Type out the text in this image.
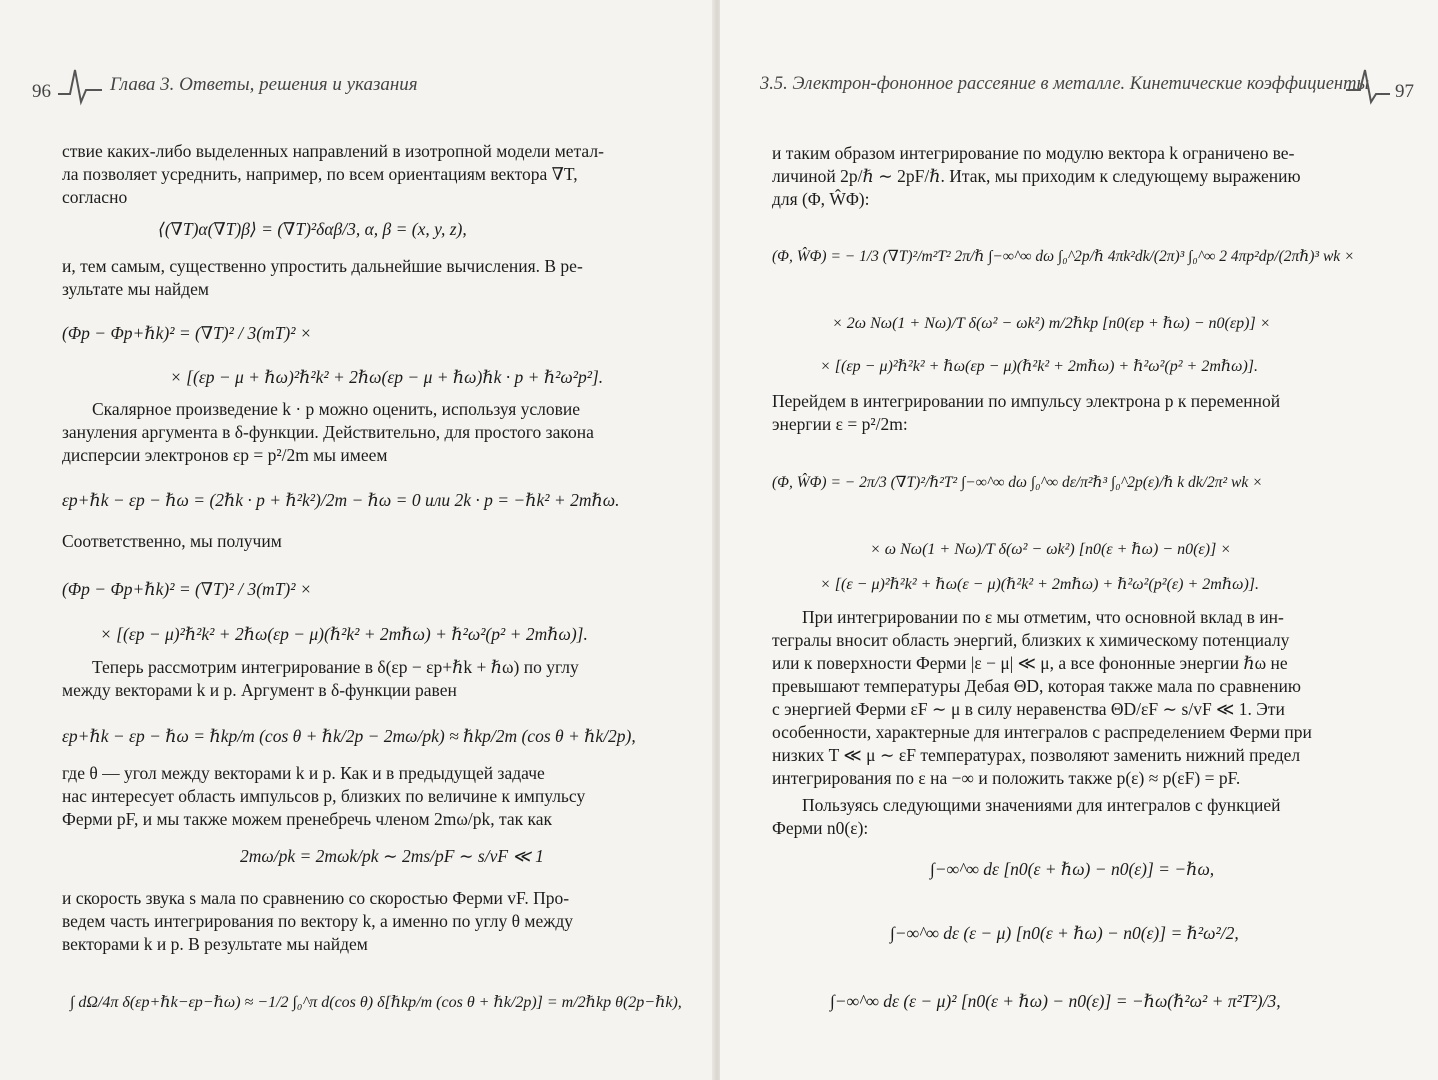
96	Глава 3. Ответы, решения и указания
ствие каких-либо выделенных направлений в изотропной модели метал-
ла позволяет усреднить, например, по всем ориентациям вектора ∇T,
согласно
⟨(∇T)α(∇T)β⟩ = (∇T)²δαβ/3, α, β = (x, y, z),
и, тем самым, существенно упростить дальнейшие вычисления. В ре-
зультате мы найдем
(Φp − Φp+ℏk)² = (∇T)² / 3(mT)² ×
× [(εp − μ + ℏω)²ℏ²k² + 2ℏω(εp − μ + ℏω)ℏk · p + ℏ²ω²p²].
Скалярное произведение k · p можно оценить, используя условие
зануления аргумента в δ-функции. Действительно, для простого закона
дисперсии электронов εp = p²/2m мы имеем
εp+ℏk − εp − ℏω = (2ℏk · p + ℏ²k²)/2m − ℏω = 0 или 2k · p = −ℏk² + 2mℏω.
Соответственно, мы получим
(Φp − Φp+ℏk)² = (∇T)² / 3(mT)² ×
× [(εp − μ)²ℏ²k² + 2ℏω(εp − μ)(ℏ²k² + 2mℏω) + ℏ²ω²(p² + 2mℏω)].
Теперь рассмотрим интегрирование в δ(εp − εp+ℏk + ℏω) по углу
между векторами k и p. Аргумент в δ-функции равен
εp+ℏk − εp − ℏω = ℏkp/m (cos θ + ℏk/2p − 2mω/pk) ≈ ℏkp/2m (cos θ + ℏk/2p),
где θ — угол между векторами k и p. Как и в предыдущей задаче
нас интересует область импульсов p, близких по величине к импульсу
Ферми pF, и мы также можем пренебречь членом 2mω/pk, так как
2mω/pk = 2mωk/pk ∼ 2ms/pF ∼ s/vF ≪ 1
и скорость звука s мала по сравнению со скоростью Ферми vF. Про-
ведем часть интегрирования по вектору k, а именно по углу θ между
векторами k и p. В результате мы найдем
∫ dΩ/4π δ(εp+ℏk−εp−ℏω) ≈ −1/2 ∫₀^π d(cos θ) δ[ℏkp/m (cos θ + ℏk/2p)] = m/2ℏkp θ(2p−ℏk),
3.5. Электрон-фононное рассеяние в металле. Кинетические коэффициенты 97
и таким образом интегрирование по модулю вектора k ограничено ве-
личиной 2p/ℏ ∼ 2pF/ℏ. Итак, мы приходим к следующему выражению
для (Φ, ŴΦ):
(Φ, ŴΦ) = − 1/3 (∇T)²/m²T² 2π/ℏ ∫−∞^∞ dω ∫₀^2p/ℏ 4πk²dk/(2π)³ ∫₀^∞ 2 4πp²dp/(2πℏ)³ wk ×
× 2ω Nω(1 + Nω)/T δ(ω² − ωk²) m/2ℏkp [n0(εp + ℏω) − n0(εp)] ×
× [(εp − μ)²ℏ²k² + ℏω(εp − μ)(ℏ²k² + 2mℏω) + ℏ²ω²(p² + 2mℏω)].
Перейдем в интегрировании по импульсу электрона p к переменной
энергии ε = p²/2m:
(Φ, ŴΦ) = − 2π/3 (∇T)²/ℏ²T² ∫−∞^∞ dω ∫₀^∞ dε/π²ℏ³ ∫₀^2p(ε)/ℏ k dk/2π² wk ×
× ω Nω(1 + Nω)/T δ(ω² − ωk²) [n0(ε + ℏω) − n0(ε)] ×
× [(ε − μ)²ℏ²k² + ℏω(ε − μ)(ℏ²k² + 2mℏω) + ℏ²ω²(p²(ε) + 2mℏω)].
При интегрировании по ε мы отметим, что основной вклад в ин-
тегралы вносит область энергий, близких к химическому потенциалу
или к поверхности Ферми |ε − μ| ≪ μ, а все фононные энергии ℏω не
превышают температуры Дебая ΘD, которая также мала по сравнению
с энергией Ферми εF ∼ μ в силу неравенства ΘD/εF ∼ s/vF ≪ 1. Эти
особенности, характерные для интегралов с распределением Ферми при
низких T ≪ μ ∼ εF температурах, позволяют заменить нижний предел
интегрирования по ε на −∞ и положить также p(ε) ≈ p(εF) = pF.
Пользуясь следующими значениями для интегралов с функцией
Ферми n0(ε):
∫−∞^∞ dε [n0(ε + ℏω) − n0(ε)] = −ℏω,
∫−∞^∞ dε (ε − μ) [n0(ε + ℏω) − n0(ε)] = ℏ²ω²/2,
∫−∞^∞ dε (ε − μ)² [n0(ε + ℏω) − n0(ε)] = −ℏω(ℏ²ω² + π²T²)/3,
